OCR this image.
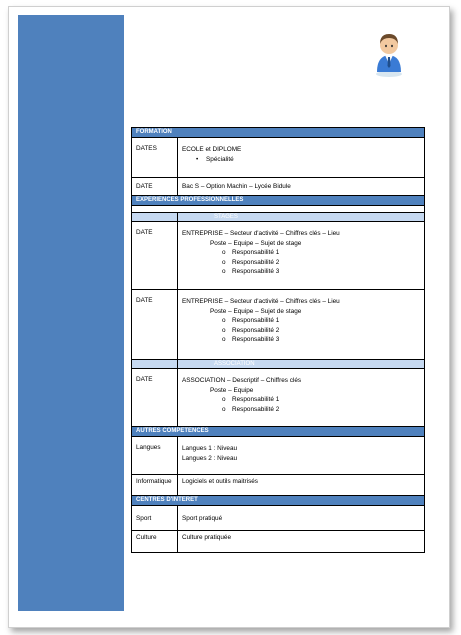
FORMATION	
DATES	ECOLE et DIPLOME
• Spécialité

DATE	Bac S – Option Machin – Lycée Bidule
EXPERIENCES PROFESSIONNELLES	

	STAGES
DATE	ENTREPRISE – Secteur d'activité – Chiffres clés – Lieu
Poste – Equipe – Sujet de stage
o Responsabilité 1
o Responsabilité 2
o Responsabilité 3

DATE	ENTREPRISE – Secteur d'activité – Chiffres clés – Lieu
Poste – Equipe – Sujet de stage
o Responsabilité 1
o Responsabilité 2
o Responsabilité 3

	ASSOCIATION
DATE	ASSOCIATION – Descriptif – Chiffres clés
Poste – Equipe
o Responsabilité 1
o Responsabilité 2

AUTRES COMPETENCES	
Langues	Langues 1 : Niveau
Langues 2 : Niveau

Informatique	Logiciels et outils maitrisés
CENTRES D'INTERET	
Sport	Sport pratiqué
Culture	Culture pratiquée
